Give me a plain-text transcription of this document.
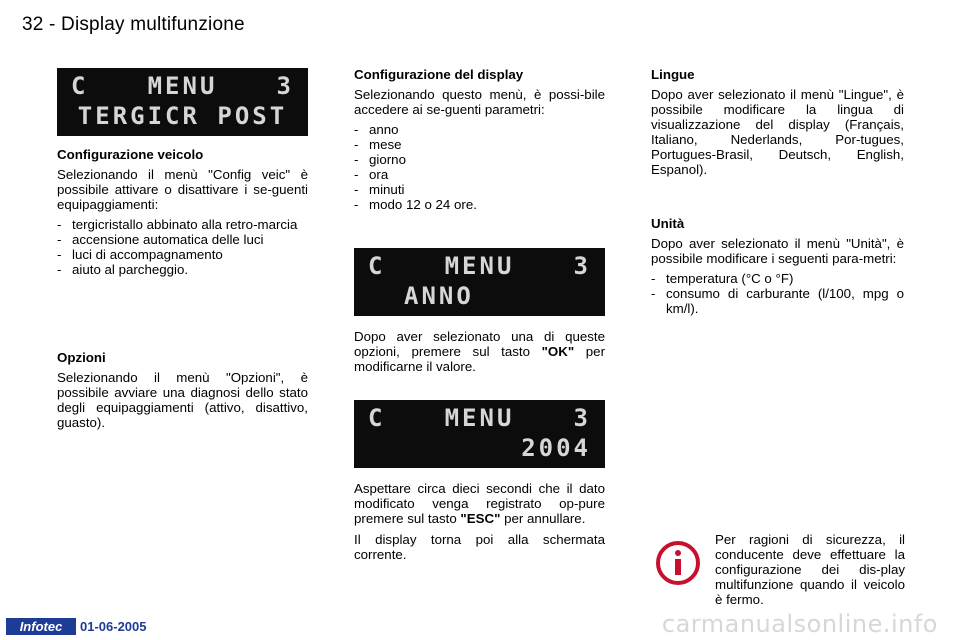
32 - Display multifunzione
C	MENU	3
TERGICR POST
Configurazione veicolo

Selezionando il menù "Config veic" è possibile attivare o disattivare i se-guenti equipaggiamenti:

- tergicristallo abbinato alla retro-marcia
- accensione automatica delle luci
- luci di accompagnamento
- aiuto al parcheggio.
Opzioni

Selezionando il menù "Opzioni", è possibile avviare una diagnosi dello stato degli equipaggiamenti (attivo, disattivo, guasto).

Configurazione del display

Selezionando questo menù, è possi-bile accedere ai se-guenti parametri:

- anno
- mese
- giorno
- ora
- minuti
- modo 12 o 24 ore.
C	MENU	3
ANNO

Dopo aver selezionato una di queste opzioni, premere sul tasto "OK" per modificarne il valore.

C	MENU	3
2004

Aspettare circa dieci secondi che il dato modificato venga registrato op-pure premere sul tasto "ESC" per annullare.

Il display torna poi alla schermata corrente.

Lingue

Dopo aver selezionato il menù "Lingue", è possibile modificare la lingua di visualizzazione del display (Français, Italiano, Nederlands, Por-tugues, Portugues-Brasil, Deutsch, English, Espanol).

Unità

Dopo aver selezionato il menù "Unità", è possibile modificare i seguenti para-metri:

- temperatura (°C o °F)
- consumo di carburante (l/100, mpg o km/l).
Per ragioni di sicurezza, il conducente deve effettuare la configurazione dei dis-play multifunzione quando il veicolo è fermo.
Infotec	01-06-2005	carmanualsonline.info
